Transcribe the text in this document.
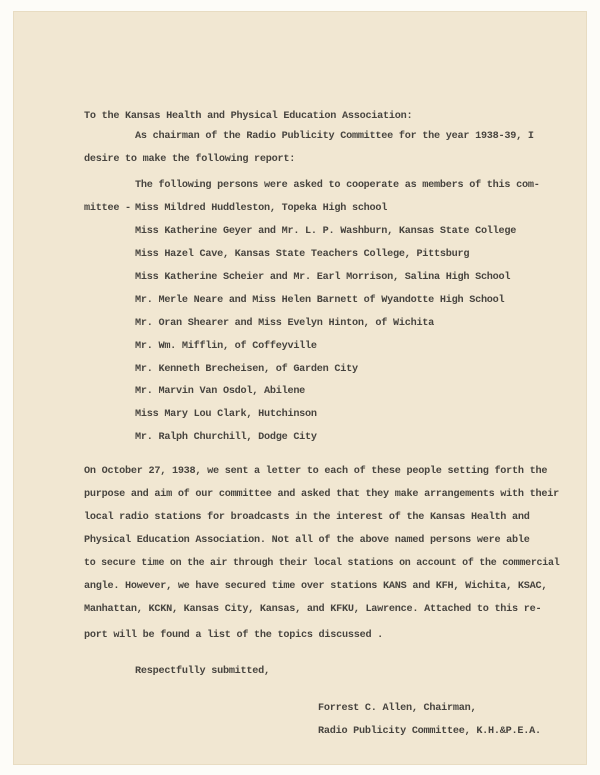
To the Kansas Health and Physical Education Association:
As chairman of the Radio Publicity Committee for the year 1938-39, I
desire to make the following report:
The following persons were asked to cooperate as members of this com-
mittee - Miss Mildred Huddleston, Topeka High school
Miss Katherine Geyer and Mr. L. P. Washburn, Kansas State College
Miss Hazel Cave, Kansas State Teachers College, Pittsburg
Miss Katherine Scheier and Mr. Earl Morrison, Salina High School
Mr. Merle Neare and Miss Helen Barnett of Wyandotte High School
Mr. Oran Shearer and Miss Evelyn Hinton, of Wichita
Mr. Wm. Mifflin, of Coffeyville
Mr. Kenneth Brecheisen, of Garden City
Mr. Marvin Van Osdol, Abilene
Miss Mary Lou Clark, Hutchinson
Mr. Ralph Churchill, Dodge City
On October 27, 1938, we sent a letter to each of these people setting forth the
purpose and aim of our committee and asked that they make arrangements with their
local radio stations for broadcasts in the interest of the Kansas Health and
Physical Education Association. Not all of the above named persons were able
to secure time on the air through their local stations on account of the commercial
angle. However, we have secured time over stations KANS and KFH, Wichita, KSAC,
Manhattan, KCKN, Kansas City, Kansas, and KFKU, Lawrence. Attached to this re-
port will be found a list of the topics discussed .
Respectfully submitted,
Forrest C. Allen, Chairman,
Radio Publicity Committee, K.H.&P.E.A.
